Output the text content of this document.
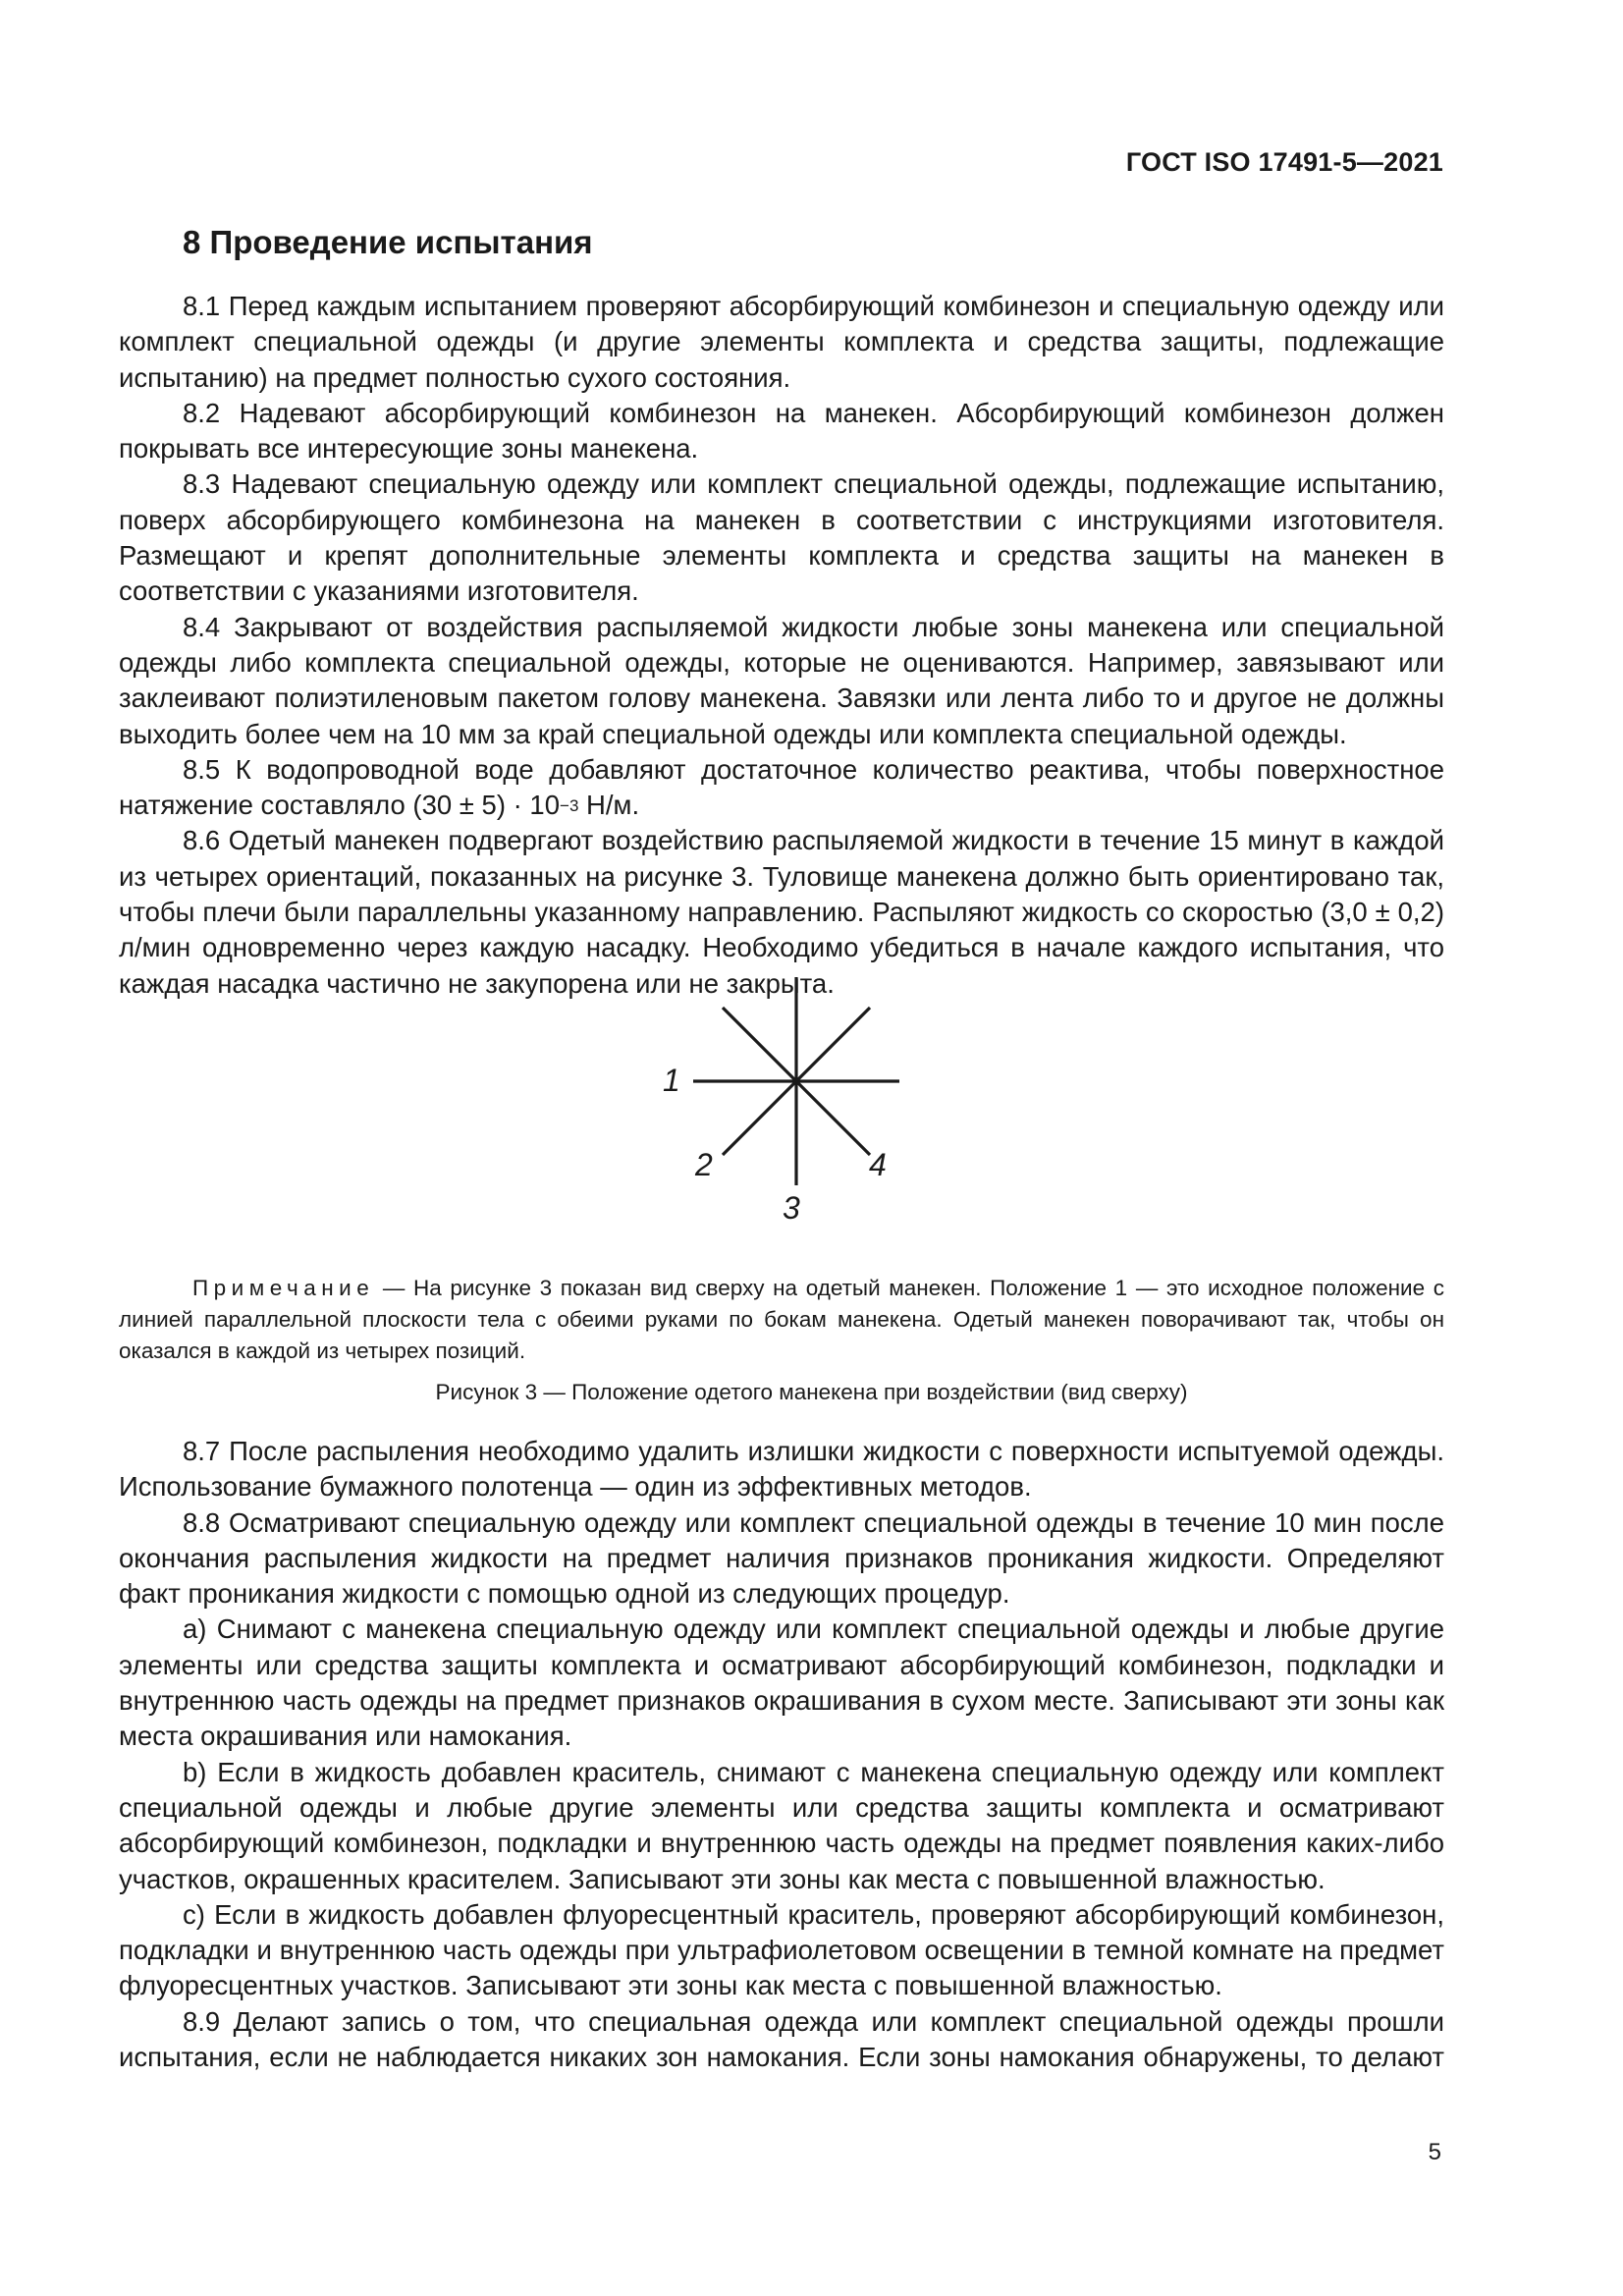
ГОСТ ISO 17491-5—2021
8 Проведение испытания

8.1 Перед каждым испытанием проверяют абсорбирующий комбинезон и специальную одежду или комплект специальной одежды (и другие элементы комплекта и средства защиты, подлежащие испытанию) на предмет полностью сухого состояния.

8.2 Надевают абсорбирующий комбинезон на манекен. Абсорбирующий комбинезон должен покрывать все интересующие зоны манекена.

8.3 Надевают специальную одежду или комплект специальной одежды, подлежащие испытанию, поверх абсорбирующего комбинезона на манекен в соответствии с инструкциями изготовителя. Размещают и крепят дополнительные элементы комплекта и средства защиты на манекен в соответствии с указаниями изготовителя.

8.4 Закрывают от воздействия распыляемой жидкости любые зоны манекена или специальной одежды либо комплекта специальной одежды, которые не оцениваются. Например, завязывают или заклеивают полиэтиленовым пакетом голову манекена. Завязки или лента либо то и другое не должны выходить более чем на 10 мм за край специальной одежды или комплекта специальной одежды.

8.5 К водопроводной воде добавляют достаточное количество реактива, чтобы поверхностное натяжение составляло $(30 \pm 5) \cdot 10^{-3}$ Н/м.

8.6 Одетый манекен подвергают воздействию распыляемой жидкости в течение 15 минут в каждой из четырех ориентаций, показанных на рисунке 3. Туловище манекена должно быть ориентировано так, чтобы плечи были параллельны указанному направлению. Распыляют жидкость со скоростью (3,0 ± 0,2) л/мин одновременно через каждую насадку. Необходимо убедиться в начале каждого испытания, что каждая насадка частично не закупорена или не закрыта.

1
2
3
4

Примечание — На рисунке 3 показан вид сверху на одетый манекен. Положение 1 — это исходное положение с линией параллельной плоскости тела с обеими руками по бокам манекена. Одетый манекен поворачивают так, чтобы он оказался в каждой из четырех позиций.

Рисунок 3 — Положение одетого манекена при воздействии (вид сверху)

8.7 После распыления необходимо удалить излишки жидкости с поверхности испытуемой одежды. Использование бумажного полотенца — один из эффективных методов.

8.8 Осматривают специальную одежду или комплект специальной одежды в течение 10 мин после окончания распыления жидкости на предмет наличия признаков проникания жидкости. Определяют факт проникания жидкости с помощью одной из следующих процедур.

a) Снимают с манекена специальную одежду или комплект специальной одежды и любые другие элементы или средства защиты комплекта и осматривают абсорбирующий комбинезон, подкладки и внутреннюю часть одежды на предмет признаков окрашивания в сухом месте. Записывают эти зоны как места окрашивания или намокания.

b) Если в жидкость добавлен краситель, снимают с манекена специальную одежду или комплект специальной одежды и любые другие элементы или средства защиты комплекта и осматривают абсорбирующий комбинезон, подкладки и внутреннюю часть одежды на предмет появления каких-либо участков, окрашенных красителем. Записывают эти зоны как места с повышенной влажностью.

c) Если в жидкость добавлен флуоресцентный краситель, проверяют абсорбирующий комбинезон, подкладки и внутреннюю часть одежды при ультрафиолетовом освещении в темной комнате на предмет флуоресцентных участков. Записывают эти зоны как места с повышенной влажностью.

8.9 Делают запись о том, что специальная одежда или комплект специальной одежды прошли испытания, если не наблюдается никаких зон намокания. Если зоны намокания обнаружены, то делают

5
